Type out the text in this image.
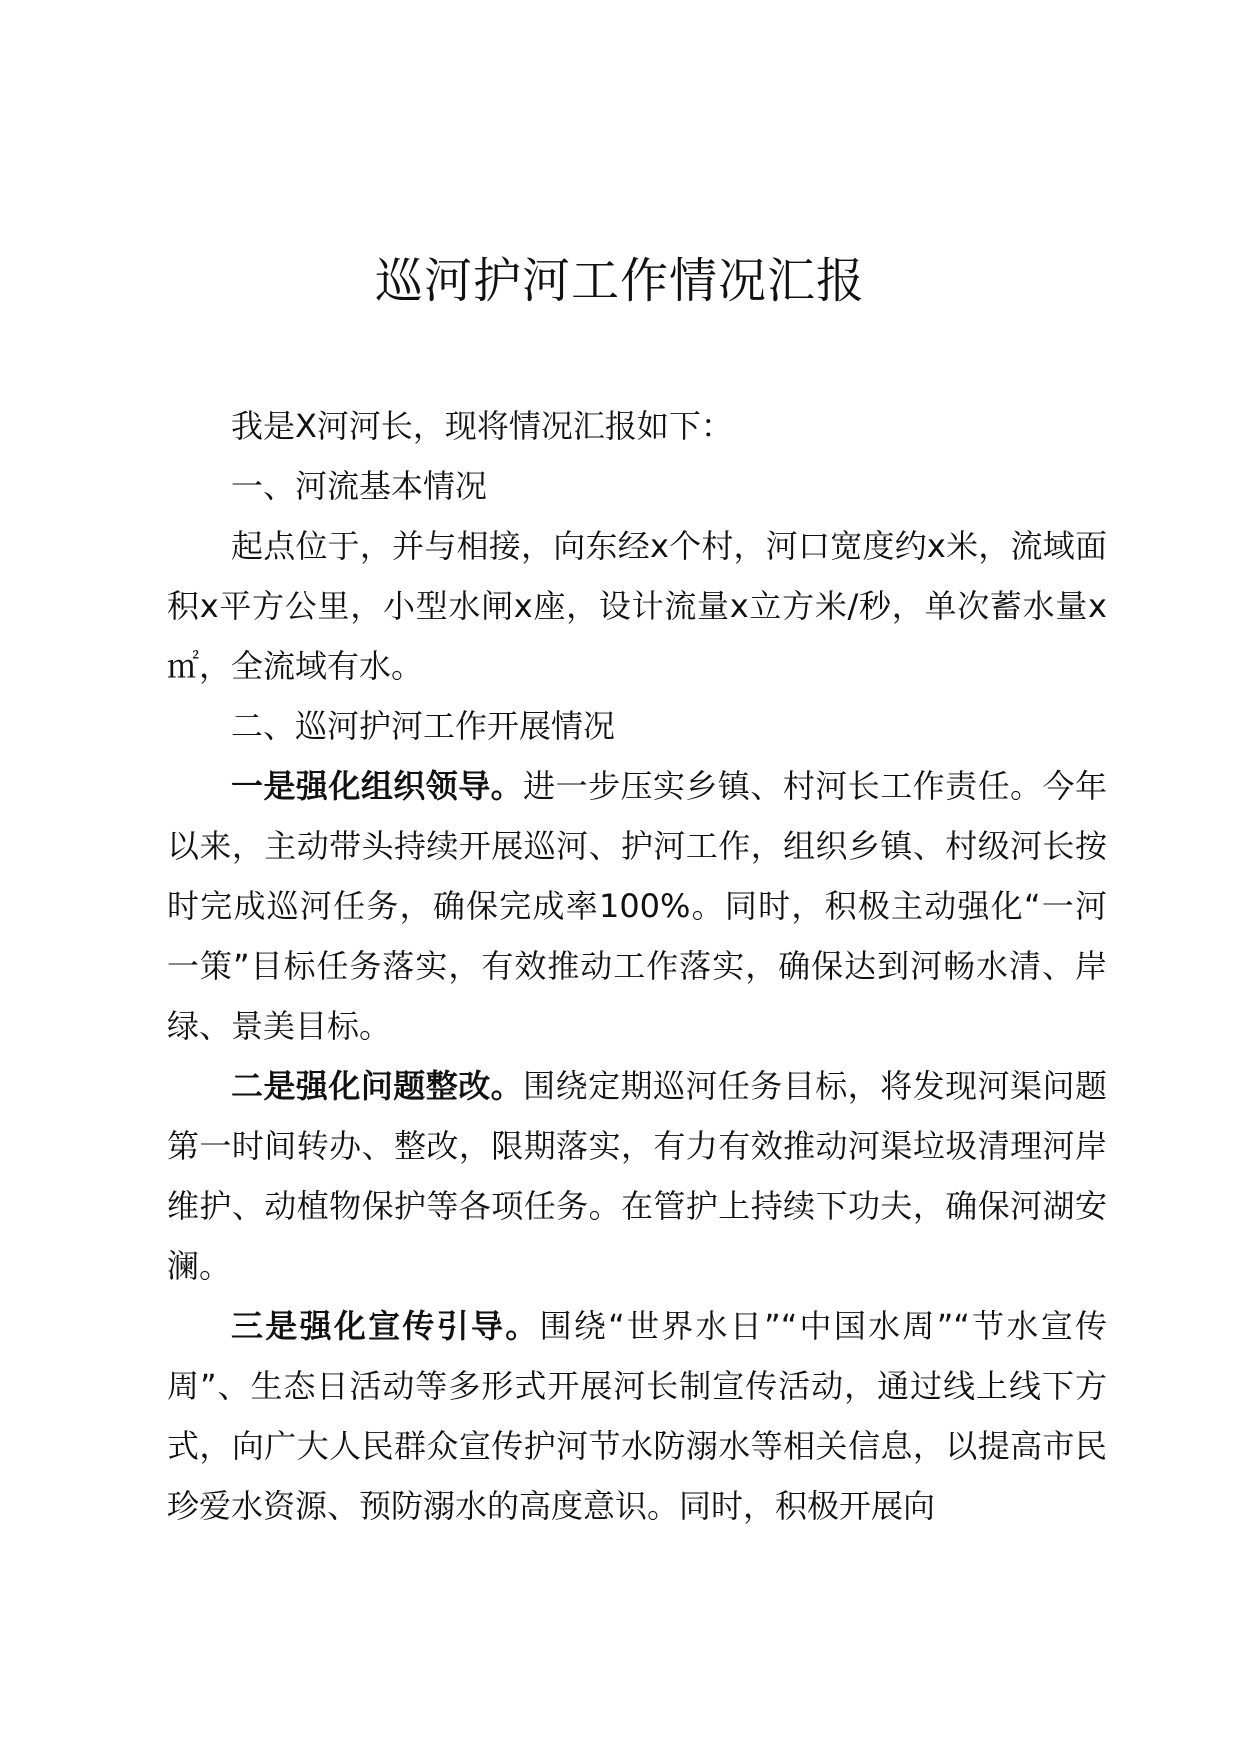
巡河护河工作情况汇报

我是X河河长，现将情况汇报如下：

一、河流基本情况

起点位于，并与相接，向东经x个村，河口宽度约x米，流域面积x平方公里，小型水闸x座，设计流量x立方米/秒，单次蓄水量x㎡，全流域有水。

二、巡河护河工作开展情况

一是强化组织领导。进一步压实乡镇、村河长工作责任。今年以来，主动带头持续开展巡河、护河工作，组织乡镇、村级河长按时完成巡河任务，确保完成率100%。同时，积极主动强化“一河一策”目标任务落实，有效推动工作落实，确保达到河畅水清、岸绿、景美目标。

二是强化问题整改。围绕定期巡河任务目标，将发现河渠问题第一时间转办、整改，限期落实，有力有效推动河渠垃圾清理河岸维护、动植物保护等各项任务。在管护上持续下功夫，确保河湖安澜。

三是强化宣传引导。围绕“世界水日”“中国水周”“节水宣传周”、生态日活动等多形式开展河长制宣传活动，通过线上线下方式，向广大人民群众宣传护河节水防溺水等相关信息，以提高市民珍爱水资源、预防溺水的高度意识。同时，积极开展向
